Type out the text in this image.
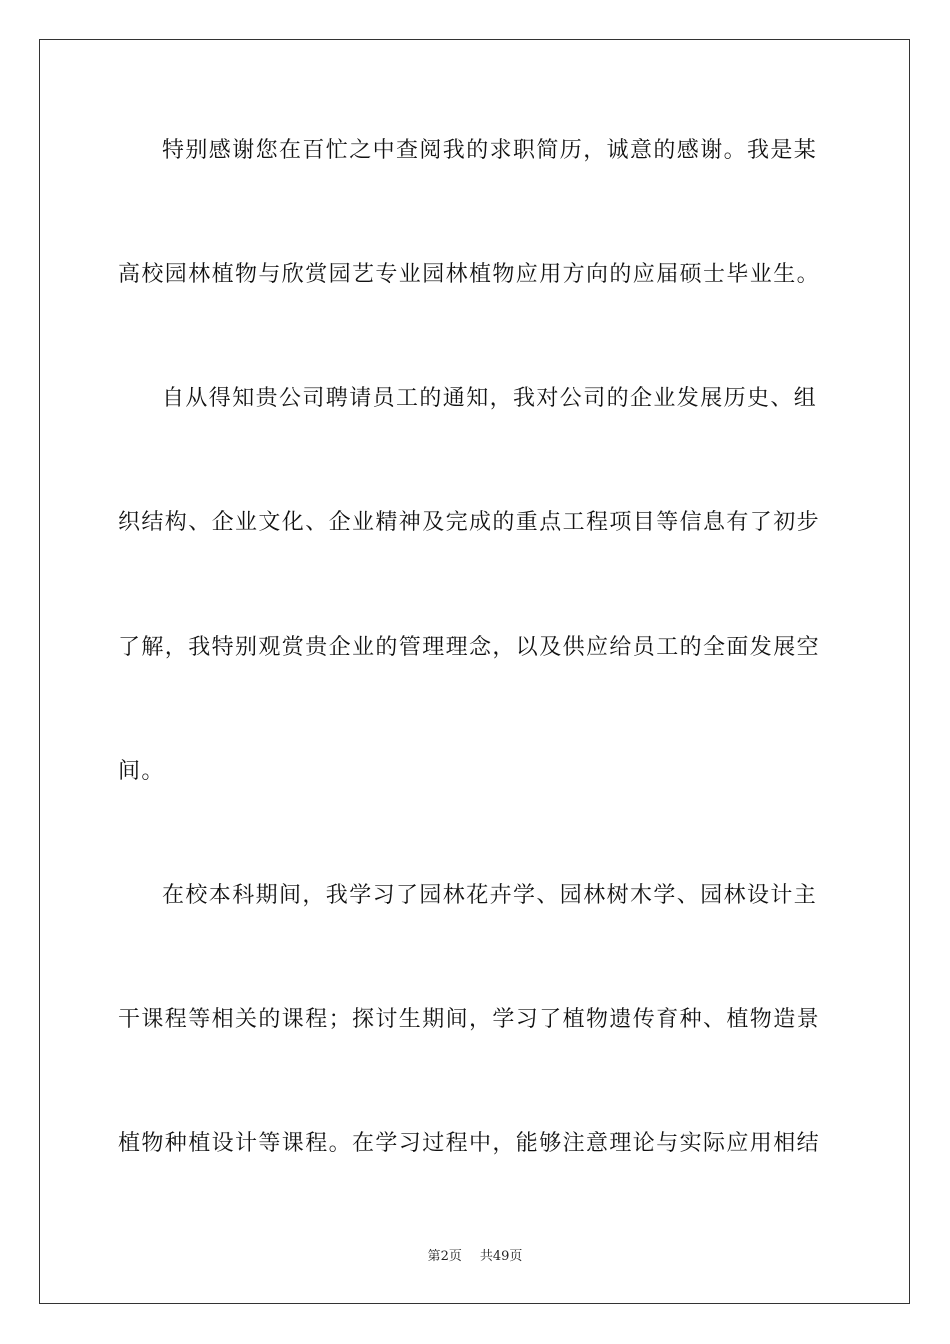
特别感谢您在百忙之中查阅我的求职简历，诚意的感谢。我是某
高校园林植物与欣赏园艺专业园林植物应用方向的应届硕士毕业生。
自从得知贵公司聘请员工的通知，我对公司的企业发展历史、组
织结构、企业文化、企业精神及完成的重点工程项目等信息有了初步
了解，我特别观赏贵企业的管理理念，以及供应给员工的全面发展空
间。
在校本科期间，我学习了园林花卉学、园林树木学、园林设计主
干课程等相关的课程；探讨生期间，学习了植物遗传育种、植物造景
植物种植设计等课程。在学习过程中，能够注意理论与实际应用相结
第2页 共49页
